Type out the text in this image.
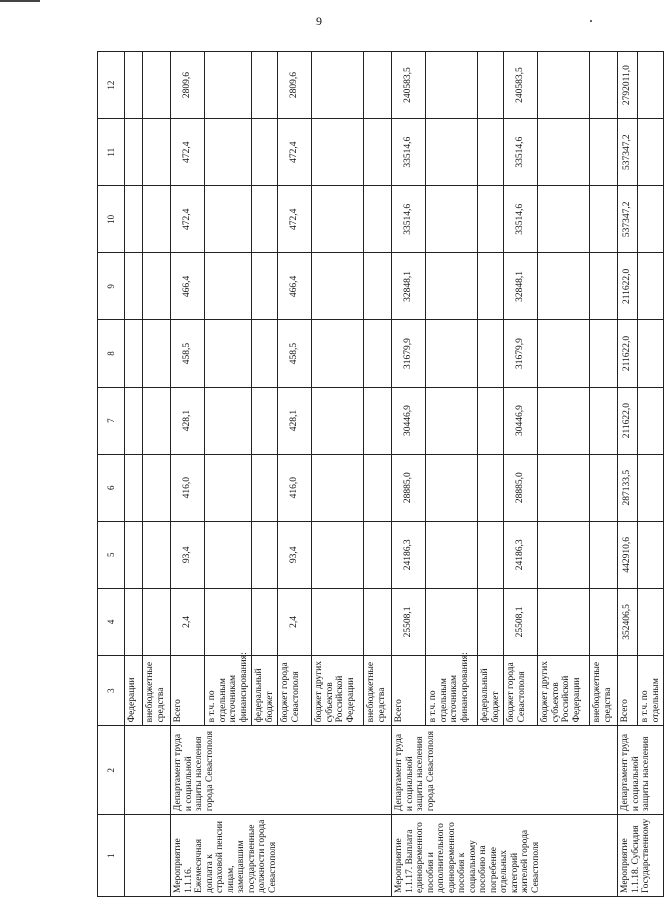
9
1	2	3	4	5	6	7	8	9	10	11	12
		Федерации									
		внебюджетные средства									
Мероприятие 1.1.16. Ежемесячная доплата к страховой пенсии лицам, замещавшим государственные должности города Севастополя	Департамент труда и социальной защиты населения города Севастополя	Всего	2,4	93,4	416,0	428,1	458,5	466,4	472,4	472,4	2809,6
		в т.ч. по отдельным источникам финансирования:									
		федеральный бюджет									
		бюджет города Севастополя	2,4	93,4	416,0	428,1	458,5	466,4	472,4	472,4	2809,6
		бюджет других субъектов Российской Федерации									
		внебюджетные средства									
Мероприятие 1.1.17. Выплата единовременного пособия и дополнительного единовременного пособия к социальному пособию на погребение отдельных категорий жителей города Севастополя	Департамент труда и социальной защиты населения города Севастополя	Всего	25508,1	24186,3	28885,0	30446,9	31679,9	32848,1	33514,6	33514,6	240583,5
		в т.ч. по отдельным источникам финансирования:									
		федеральный бюджет									
		бюджет города Севастополя	25508,1	24186,3	28885,0	30446,9	31679,9	32848,1	33514,6	33514,6	240583,5
		бюджет других субъектов Российской Федерации									
		внебюджетные средства									
Мероприятие 1.1.18. Субсидия Государственному	Департамент труда и социальной защиты населения	Всего	352406,5	442910,6	287133,5	211622,0	211622,0	211622,0	537347,2	537347,2	2792011,0
		в т.ч. по отдельным									
